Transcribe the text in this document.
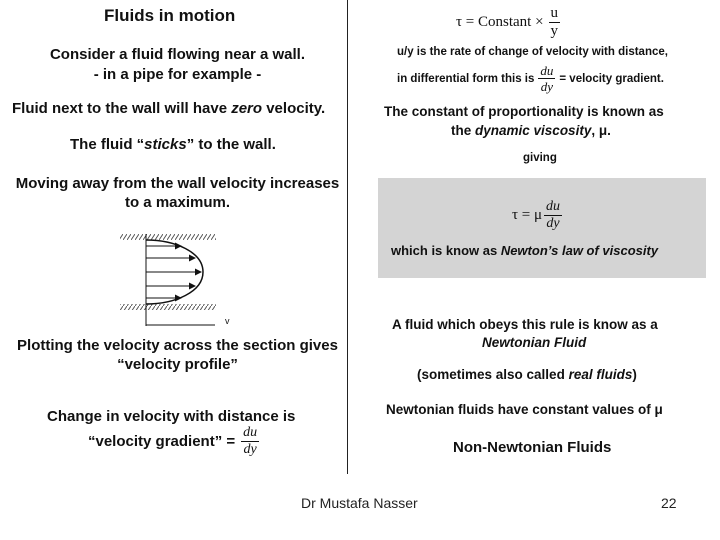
Fluids in motion
Consider a fluid flowing near a wall.
- in a pipe for example -
Fluid next to the wall will have zero velocity.
The fluid “sticks” to the wall.
Moving away from the wall velocity increases
to a maximum.
v
Plotting the velocity across the section gives
“velocity profile”
Change in velocity with distance is
“velocity gradient” = $\frac{du}{dy}$
τ = Constant × $\frac{u}{y}$
u/y is the rate of change of velocity with distance,
in differential form this is $\frac{du}{dy}$ = velocity gradient.
The constant of proportionality is known as
the dynamic viscosity, μ.
giving
τ = μ $\frac{du}{dy}$
which is know as Newton’s law of viscosity
A fluid which obeys this rule is know as a
Newtonian Fluid
(sometimes also called real fluids)
Newtonian fluids have constant values of μ
Non-Newtonian Fluids
Dr Mustafa Nasser	22
